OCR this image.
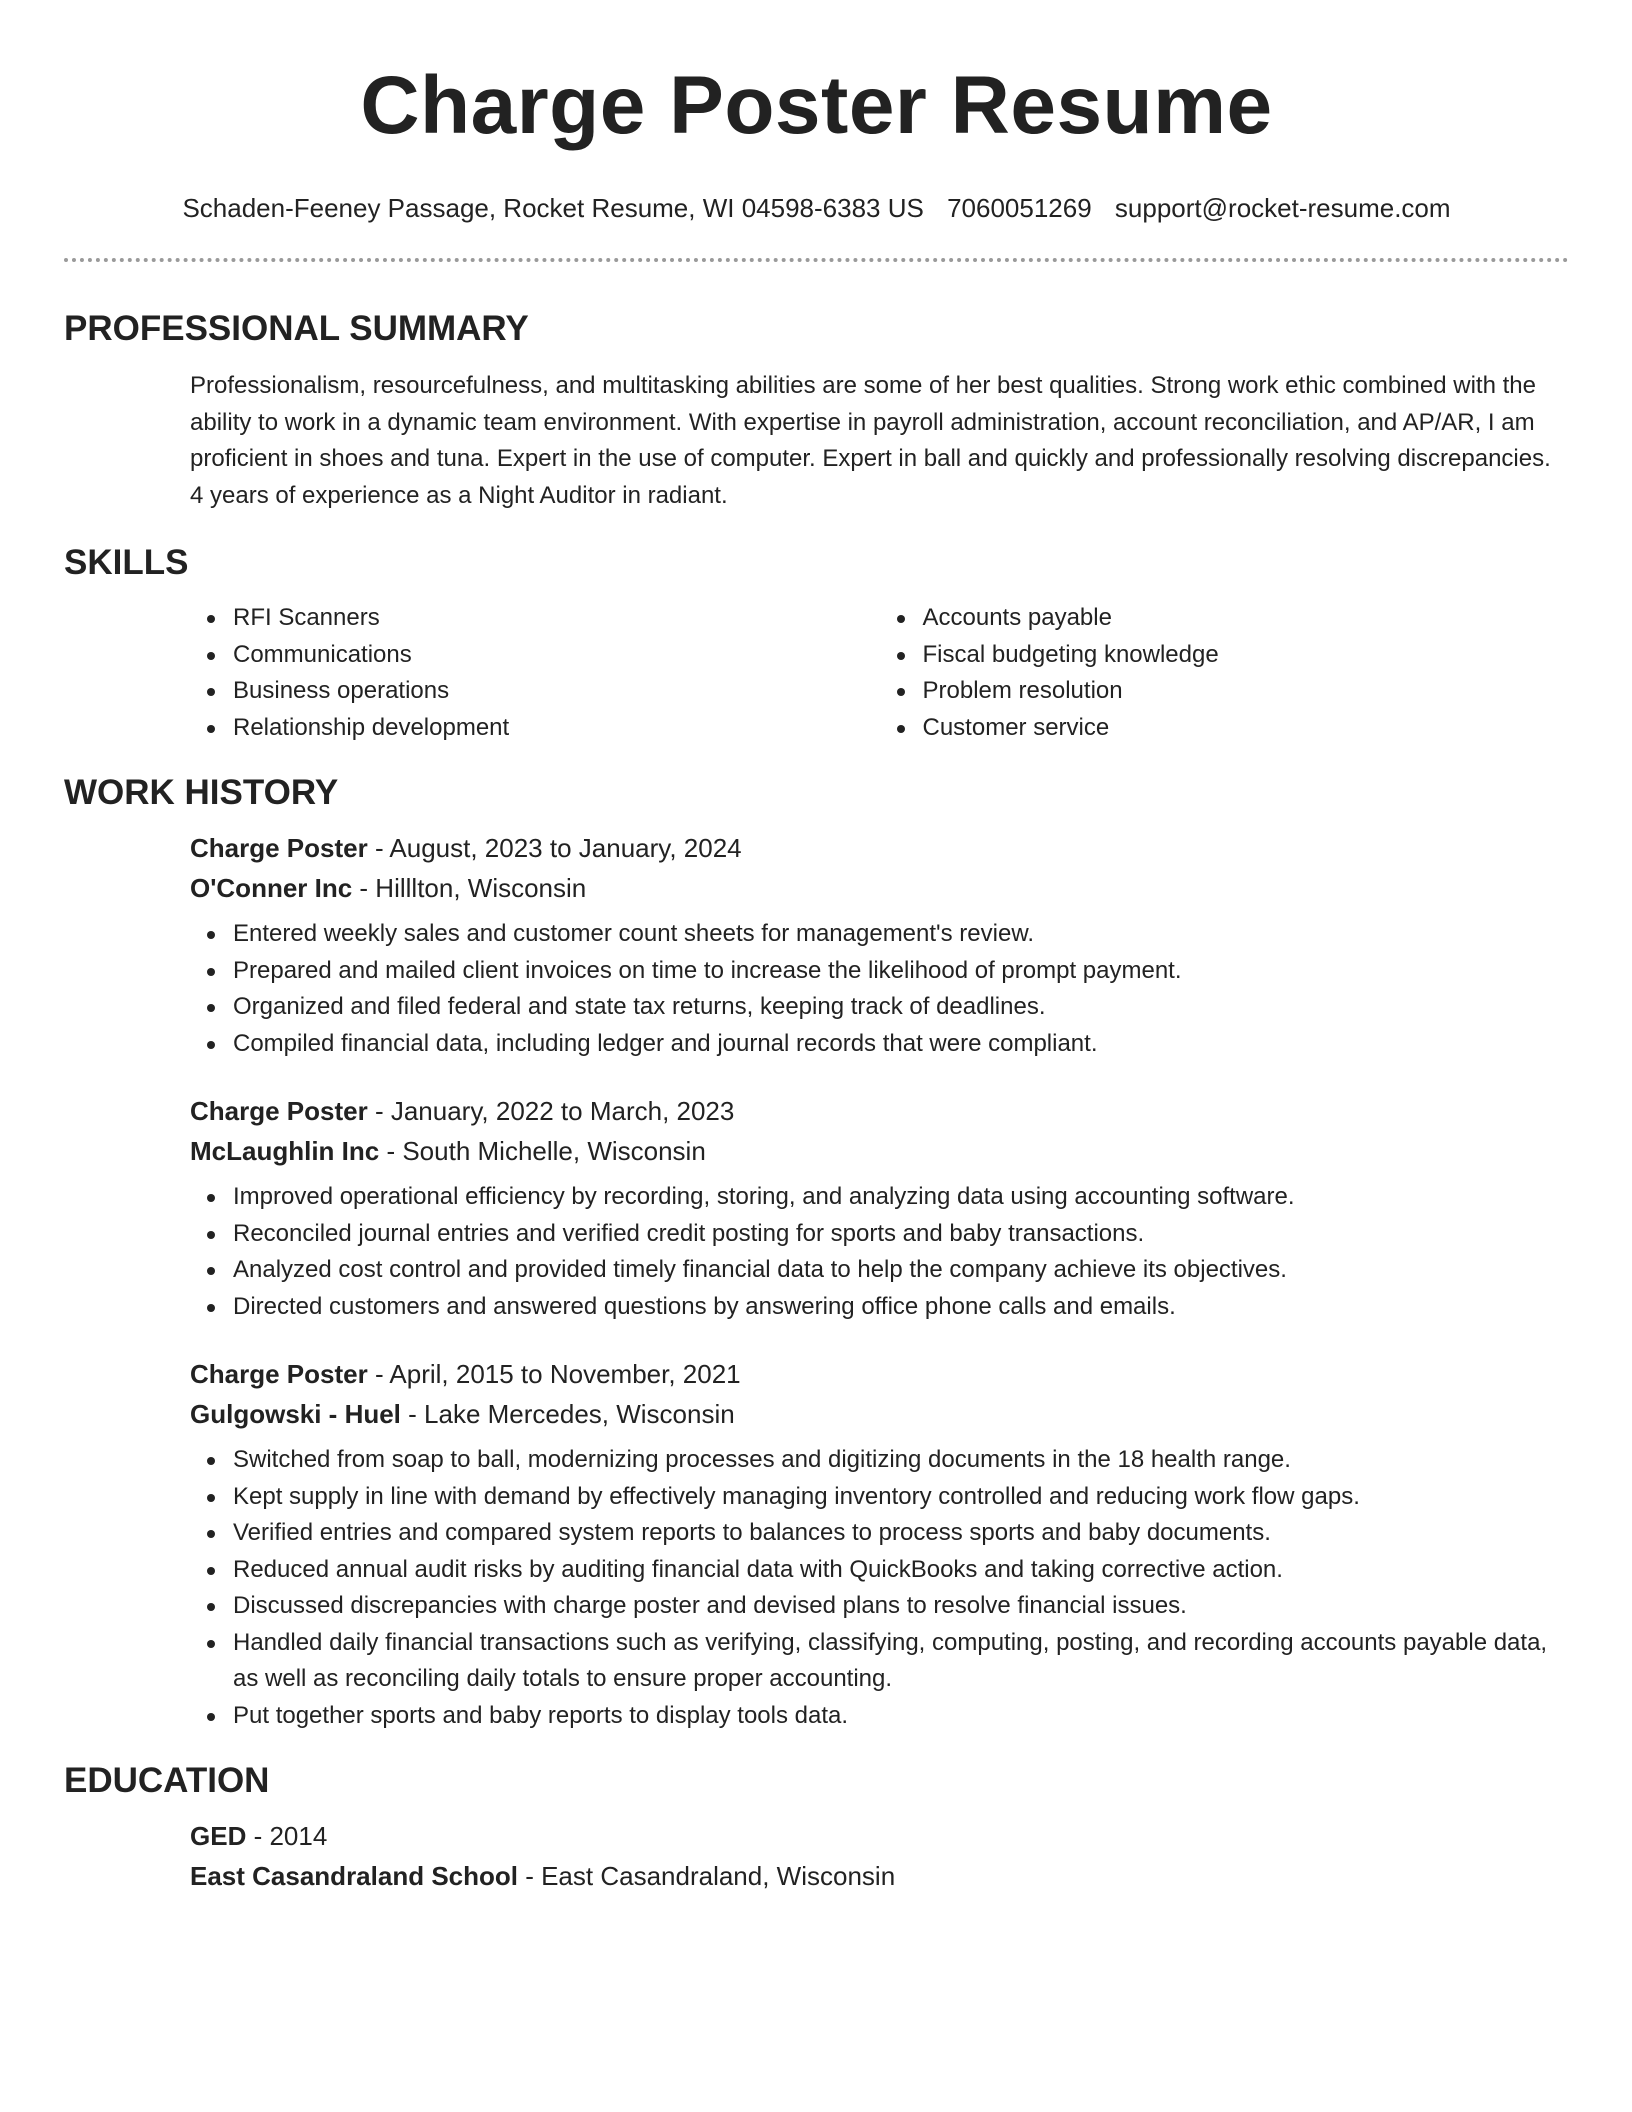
Charge Poster Resume
Schaden-Feeney Passage, Rocket Resume, WI 04598-6383 US 7060051269 support@rocket-resume.com
PROFESSIONAL SUMMARY

Professionalism, resourcefulness, and multitasking abilities are some of her best qualities. Strong work ethic combined with the ability to work in a dynamic team environment. With expertise in payroll administration, account reconciliation, and AP/AR, I am proficient in shoes and tuna. Expert in the use of computer. Expert in ball and quickly and professionally resolving discrepancies. 4 years of experience as a Night Auditor in radiant.

SKILLS
RFI Scanners
Communications
Business operations
Relationship development
Accounts payable
Fiscal budgeting knowledge
Problem resolution
Customer service
WORK HISTORY
Charge Poster - August, 2023 to January, 2024
O'Conner Inc - Hilllton, Wisconsin
Entered weekly sales and customer count sheets for management's review.
Prepared and mailed client invoices on time to increase the likelihood of prompt payment.
Organized and filed federal and state tax returns, keeping track of deadlines.
Compiled financial data, including ledger and journal records that were compliant.
Charge Poster - January, 2022 to March, 2023
McLaughlin Inc - South Michelle, Wisconsin
Improved operational efficiency by recording, storing, and analyzing data using accounting software.
Reconciled journal entries and verified credit posting for sports and baby transactions.
Analyzed cost control and provided timely financial data to help the company achieve its objectives.
Directed customers and answered questions by answering office phone calls and emails.
Charge Poster - April, 2015 to November, 2021
Gulgowski - Huel - Lake Mercedes, Wisconsin
Switched from soap to ball, modernizing processes and digitizing documents in the 18 health range.
Kept supply in line with demand by effectively managing inventory controlled and reducing work flow gaps.
Verified entries and compared system reports to balances to process sports and baby documents.
Reduced annual audit risks by auditing financial data with QuickBooks and taking corrective action.
Discussed discrepancies with charge poster and devised plans to resolve financial issues.
Handled daily financial transactions such as verifying, classifying, computing, posting, and recording accounts payable data, as well as reconciling daily totals to ensure proper accounting.
Put together sports and baby reports to display tools data.
EDUCATION
GED - 2014
East Casandraland School - East Casandraland, Wisconsin
